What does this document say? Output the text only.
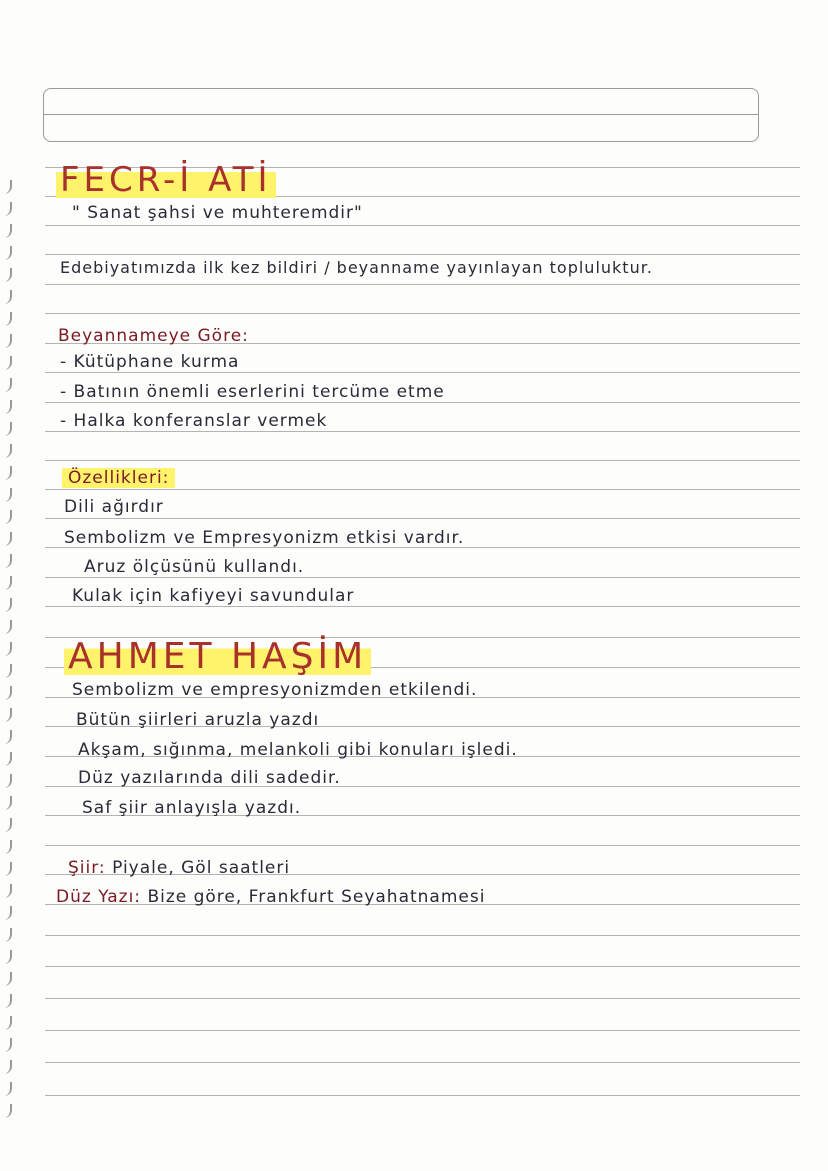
FECR-İ ATİ
" Sanat şahsi ve muhteremdir"
Edebiyatımızda ilk kez bildiri / beyanname yayınlayan topluluktur.
Beyannameye Göre:
- Kütüphane kurma
- Batının önemli eserlerini tercüme etme
- Halka konferanslar vermek
Özellikleri:
Dili ağırdır
Sembolizm ve Empresyonizm etkisi vardır.
Aruz ölçüsünü kullandı.
Kulak için kafiyeyi savundular
AHMET HAŞİM
Sembolizm ve empresyonizmden etkilendi.
Bütün şiirleri aruzla yazdı
Akşam, sığınma, melankoli gibi konuları işledi.
Düz yazılarında dili sadedir.
Saf şiir anlayışla yazdı.
Şiir: Piyale, Göl saatleri
Düz Yazı: Bize göre, Frankfurt Seyahatnamesi
